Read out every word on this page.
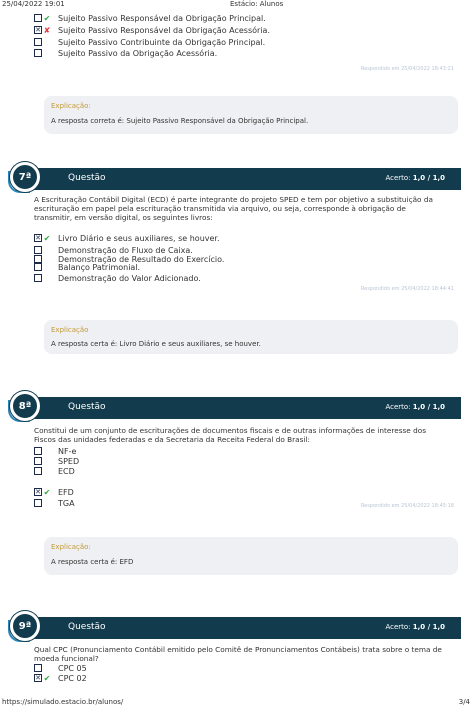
25/04/2022 19:01	Estácio: Alunos
✔ Sujeito Passivo Responsável da Obrigação Principal.
✕ ✘ Sujeito Passivo Responsável da Obrigação Acessória.
Sujeito Passivo Contribuinte da Obrigação Principal.
Sujeito Passivo da Obrigação Acessória.
Respondido em 25/04/2022 18:43:21
Explicação:
A resposta correta é: Sujeito Passivo Responsável da Obrigação Principal.
Questão	Acerto: 1,0 / 1,0
7ª
A Escrituração Contábil Digital (ECD) é parte integrante do projeto SPED e tem por objetivo a substituição da
escrituração em papel pela escrituração transmitida via arquivo, ou seja, corresponde à obrigação de
transmitir, em versão digital, os seguintes livros:
✕ ✔ Livro Diário e seus auxiliares, se houver.
Demonstração do Fluxo de Caixa.
Demonstração de Resultado do Exercício.
Balanço Patrimonial.
Demonstração do Valor Adicionado.
Respondido em 25/04/2022 18:44:41
Explicação
A resposta certa é: Livro Diário e seus auxiliares, se houver.
Questão	Acerto: 1,0 / 1,0
8ª
Constitui de um conjunto de escriturações de documentos fiscais e de outras informações de interesse dos
Fiscos das unidades federadas e da Secretaria da Receita Federal do Brasil:
NF-e
SPED
ECD
✕ ✔ EFD
TGA	Respondido em 25/04/2022 18:45:18
Explicação:
A resposta certa é: EFD
Questão	Acerto: 1,0 / 1,0
9ª
Qual CPC (Pronunciamento Contábil emitido pelo Comitê de Pronunciamentos Contábeis) trata sobre o tema de
moeda funcional?
CPC 05
✕ ✔ CPC 02
https://simulado.estacio.br/alunos/	3/4
